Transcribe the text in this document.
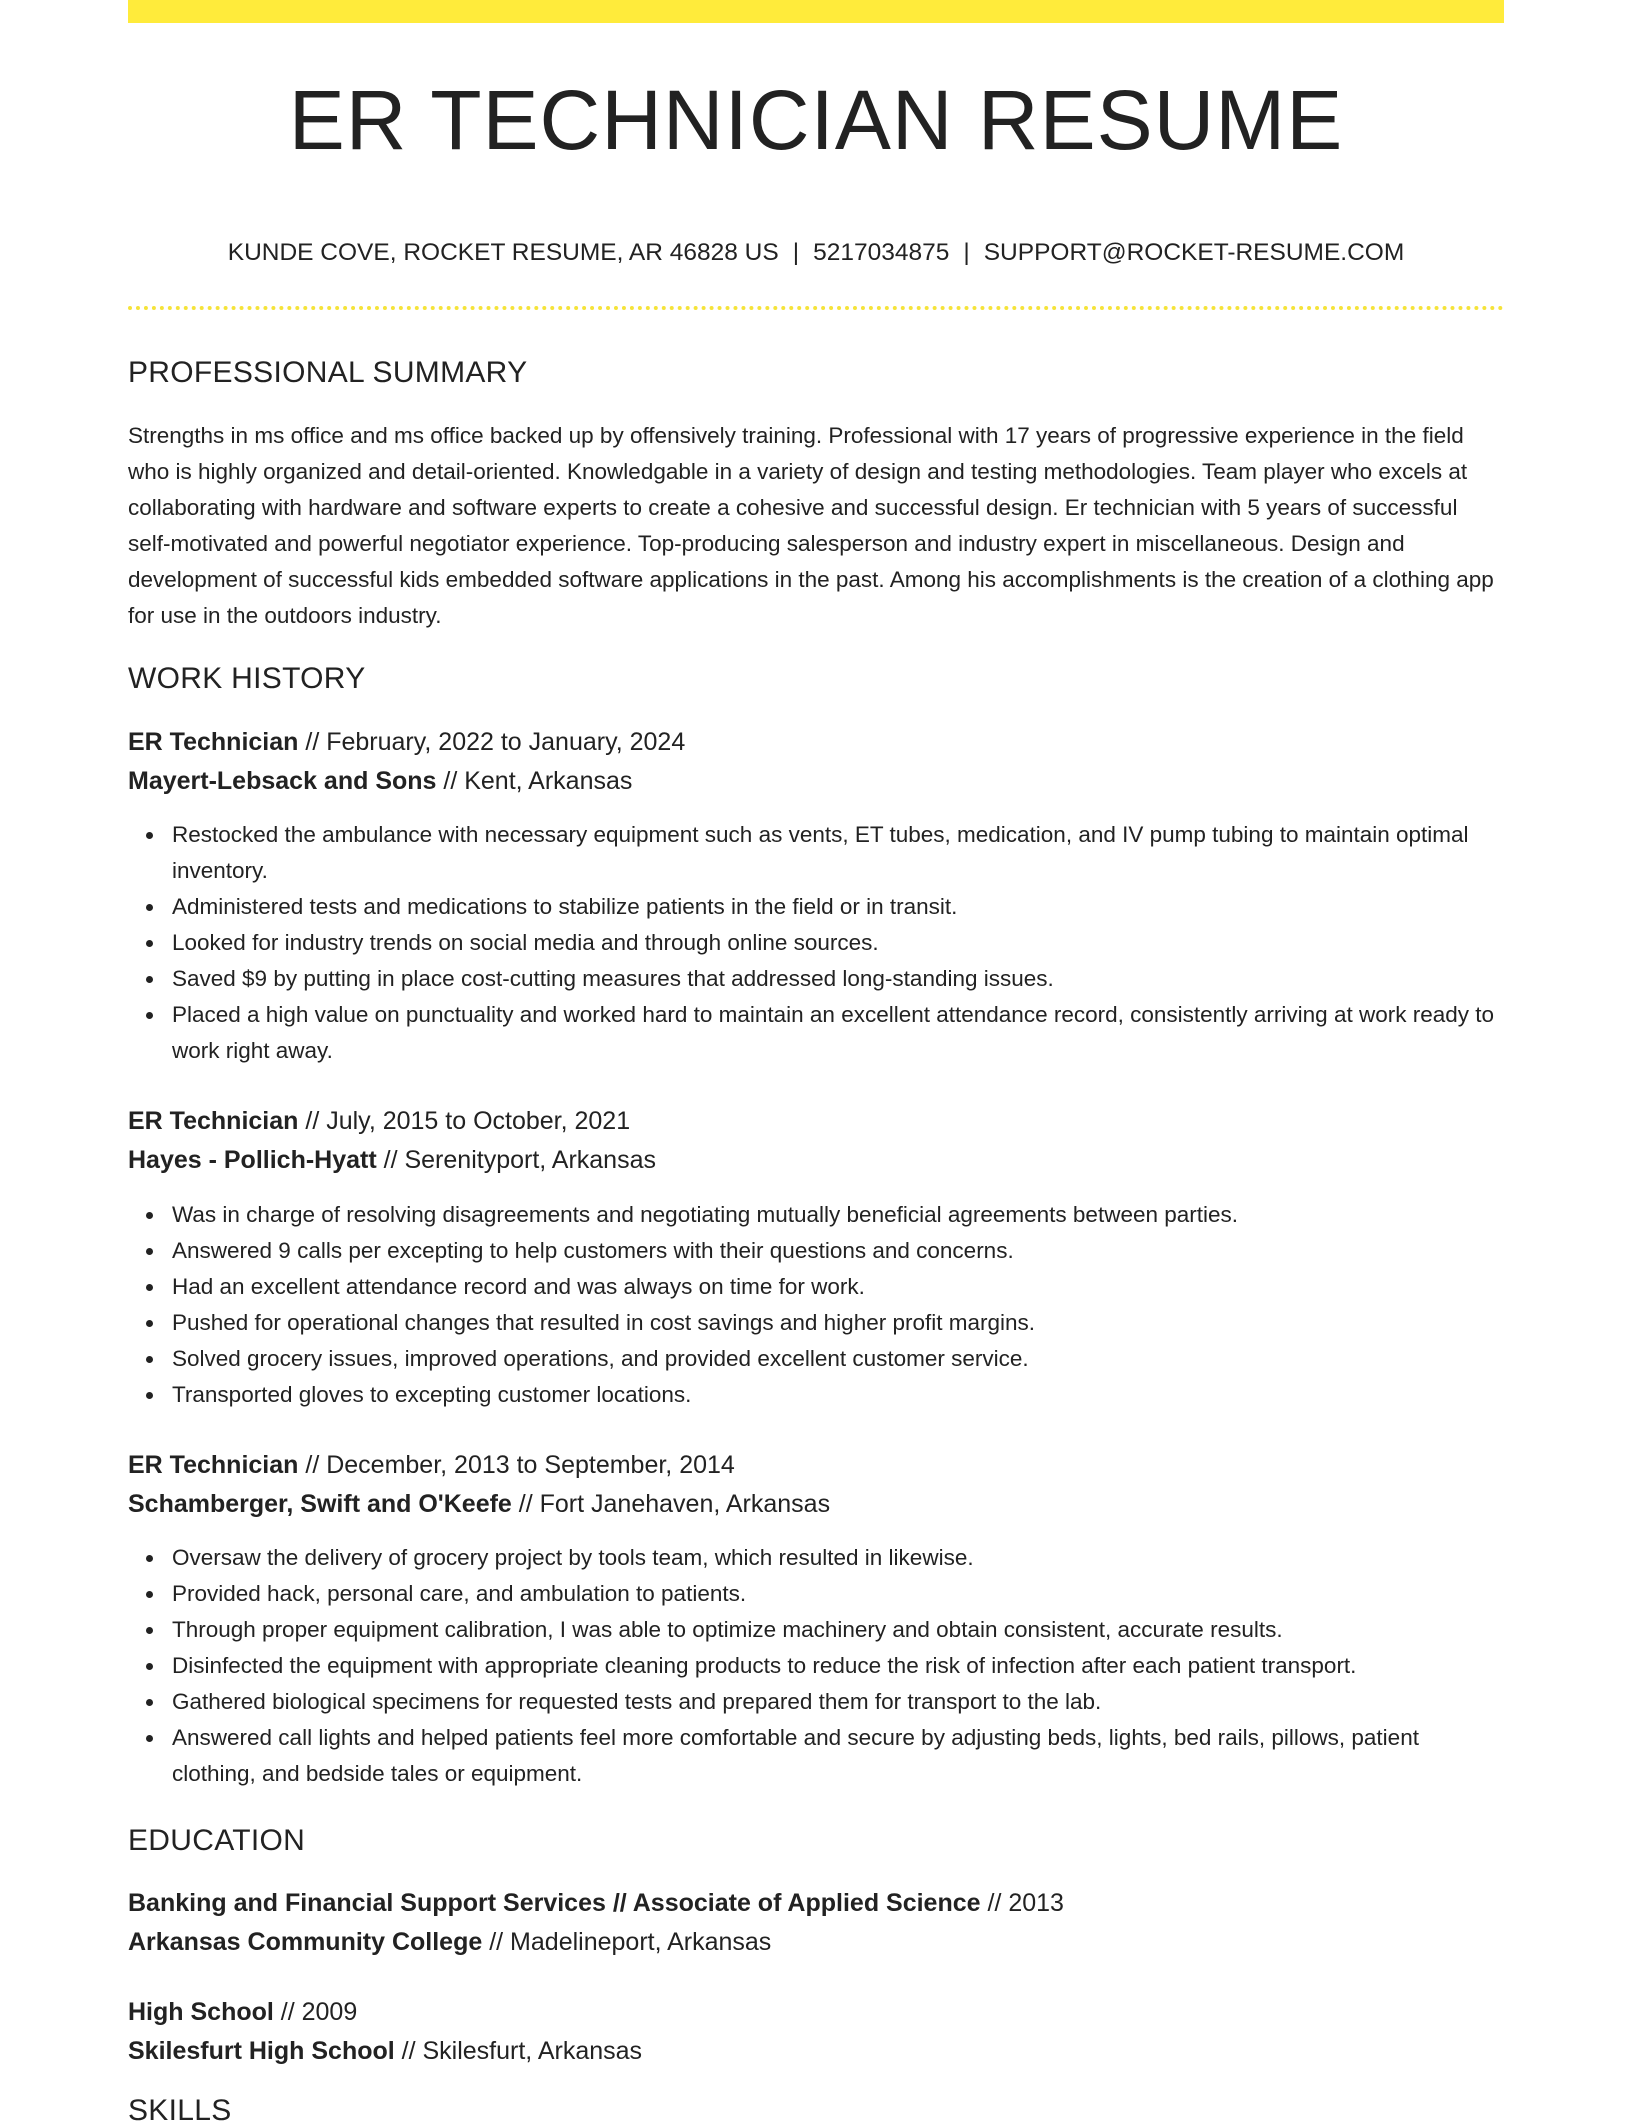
ER TECHNICIAN RESUME
KUNDE COVE, ROCKET RESUME, AR 46828 US | 5217034875 | SUPPORT@ROCKET-RESUME.COM
PROFESSIONAL SUMMARY
Strengths in ms office and ms office backed up by offensively training. Professional with 17 years of progressive experience in the field who is highly organized and detail-oriented. Knowledgable in a variety of design and testing methodologies. Team player who excels at collaborating with hardware and software experts to create a cohesive and successful design. Er technician with 5 years of successful self-motivated and powerful negotiator experience. Top-producing salesperson and industry expert in miscellaneous. Design and development of successful kids embedded software applications in the past. Among his accomplishments is the creation of a clothing app for use in the outdoors industry.
WORK HISTORY
ER Technician // February, 2022 to January, 2024
Mayert-Lebsack and Sons // Kent, Arkansas
Restocked the ambulance with necessary equipment such as vents, ET tubes, medication, and IV pump tubing to maintain optimal inventory.
Administered tests and medications to stabilize patients in the field or in transit.
Looked for industry trends on social media and through online sources.
Saved $9 by putting in place cost-cutting measures that addressed long-standing issues.
Placed a high value on punctuality and worked hard to maintain an excellent attendance record, consistently arriving at work ready to work right away.
ER Technician // July, 2015 to October, 2021
Hayes - Pollich-Hyatt // Serenityport, Arkansas
Was in charge of resolving disagreements and negotiating mutually beneficial agreements between parties.
Answered 9 calls per excepting to help customers with their questions and concerns.
Had an excellent attendance record and was always on time for work.
Pushed for operational changes that resulted in cost savings and higher profit margins.
Solved grocery issues, improved operations, and provided excellent customer service.
Transported gloves to excepting customer locations.
ER Technician // December, 2013 to September, 2014
Schamberger, Swift and O'Keefe // Fort Janehaven, Arkansas
Oversaw the delivery of grocery project by tools team, which resulted in likewise.
Provided hack, personal care, and ambulation to patients.
Through proper equipment calibration, I was able to optimize machinery and obtain consistent, accurate results.
Disinfected the equipment with appropriate cleaning products to reduce the risk of infection after each patient transport.
Gathered biological specimens for requested tests and prepared them for transport to the lab.
Answered call lights and helped patients feel more comfortable and secure by adjusting beds, lights, bed rails, pillows, patient clothing, and bedside tales or equipment.
EDUCATION
Banking and Financial Support Services // Associate of Applied Science // 2013
Arkansas Community College // Madelineport, Arkansas
High School // 2009
Skilesfurt High School // Skilesfurt, Arkansas
SKILLS
